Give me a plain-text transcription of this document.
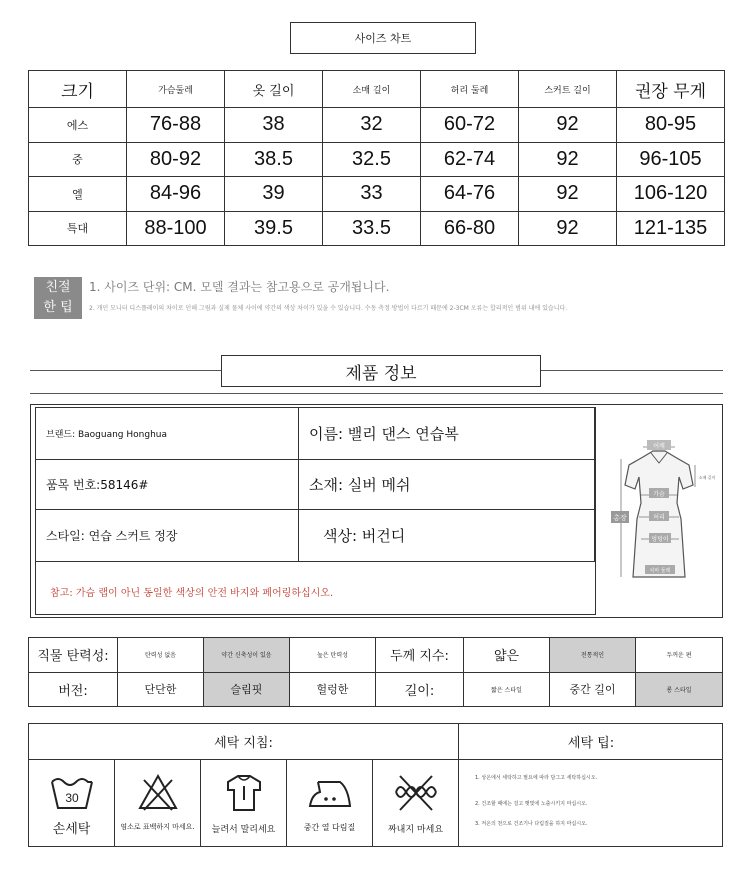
사이즈 차트
크기	가슴둘레	옷 길이	소매 길이	허리 둘레	스커트 길이	권장 무게
에스	76-88	38	32	60-72	92	80-95
중	80-92	38.5	32.5	62-74	92	96-105
엘	84-96	39	33	64-76	92	106-120
특대	88-100	39.5	33.5	66-80	92	121-135
친절
한 팁
1. 사이즈 단위: CM. 모델 결과는 참고용으로 공개됩니다.
2. 개인 모니터 디스플레이의 차이로 인해 그림과 실제 물체 사이에 약간의 색상 차이가 있을 수 있습니다. 수동 측정 방법이 다르기 때문에 2-3CM 오류는 합리적인 범위 내에 있습니다.
제품 정보
브랜드: Baoguang Honghua	이름: 밸리 댄스 연습복
품목 번호:58146#	소재: 실버 메쉬
스타일: 연습 스커트 정장	색상: 버건디
참고: 가슴 랩이 아닌 동일한 색상의 안전 바지와 페어링하십시오.
어깨
가슴
허리
엉덩이
총장
소매 길이
치마 둘레
직물 탄력성:	탄력성 없음	약간 신축성이 있음	높은 탄력성	두께 지수:	얇은	전통적인	두꺼운 편
버전:	단단한	슬림핏	헐렁한	길이:	짧은 스타일	중간 길이	롱 스타일
세탁 지침:	세탁 팁:
30
손세탁	염소로 표백하지 마세요.	늘려서 말리세요	중간 열 다림질	짜내지 마세요
1. 상온에서 세탁하고 필요에 따라 담그고 세탁하십시오.
2. 건조할 때에는 걸고 햇빛에 노출시키지 마십시오.
3. 저온의 천으로 건조기나 다림질을 하지 마십시오.
